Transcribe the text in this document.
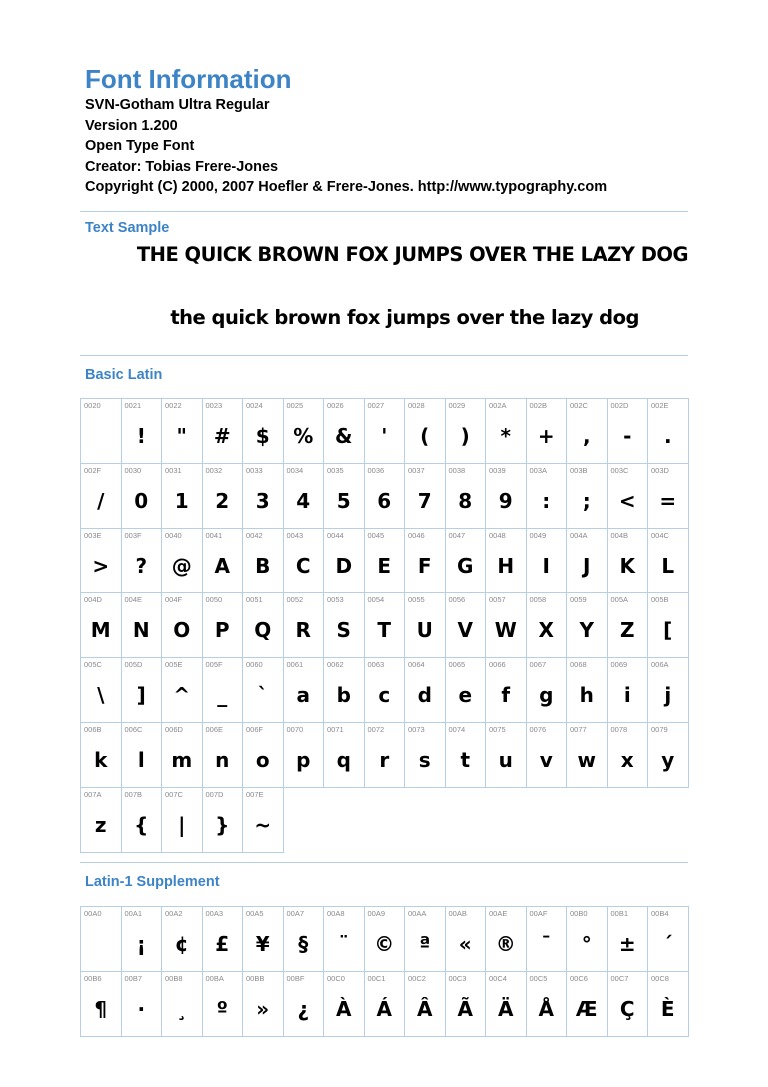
Font Information
SVN-Gotham Ultra Regular
Version 1.200
Open Type Font
Creator: Tobias Frere-Jones
Copyright (C) 2000, 2007 Hoefler & Frere-Jones. http://www.typography.com
Text Sample
THE QUICK BROWN FOX JUMPS OVER THE LAZY DOG
the quick brown fox jumps over the lazy dog
Basic Latin
0020	0021
!
0022
"
0023
#
0024
$
0025
%
0026
&
0027
'
0028
(
0029
)
002A
*
002B
+
002C
,
002D
-
002E
.
002F
/
0030
0
0031
1
0032
2
0033
3
0034
4
0035
5
0036
6
0037
7
0038
8
0039
9
003A
:
003B
;
003C
<
003D
=
003E
>
003F
?
0040
@
0041
A
0042
B
0043
C
0044
D
0045
E
0046
F
0047
G
0048
H
0049
I
004A
J
004B
K
004C
L
004D
M
004E
N
004F
O
0050
P
0051
Q
0052
R
0053
S
0054
T
0055
U
0056
V
0057
W
0058
X
0059
Y
005A
Z
005B
[
005C
\
005D
]
005E
^
005F
_
0060
`
0061
a
0062
b
0063
c
0064
d
0065
e
0066
f
0067
g
0068
h
0069
i
006A
j
006B
k
006C
l
006D
m
006E
n
006F
o
0070
p
0071
q
0072
r
0073
s
0074
t
0075
u
0076
v
0077
w
0078
x
0079
y
007A
z
007B
{
007C
|
007D
}
007E
~
Latin-1 Supplement
00A0	00A1
¡
00A2
¢
00A3
£
00A5
¥
00A7
§
00A8
¨
00A9
©
00AA
ª
00AB
«
00AE
®
00AF
¯
00B0
°
00B1
±
00B4
´
00B6
¶
00B7
·
00B8
¸
00BA
º
00BB
»
00BF
¿
00C0
À
00C1
Á
00C2
Â
00C3
Ã
00C4
Ä
00C5
Å
00C6
Æ
00C7
Ç
00C8
È
